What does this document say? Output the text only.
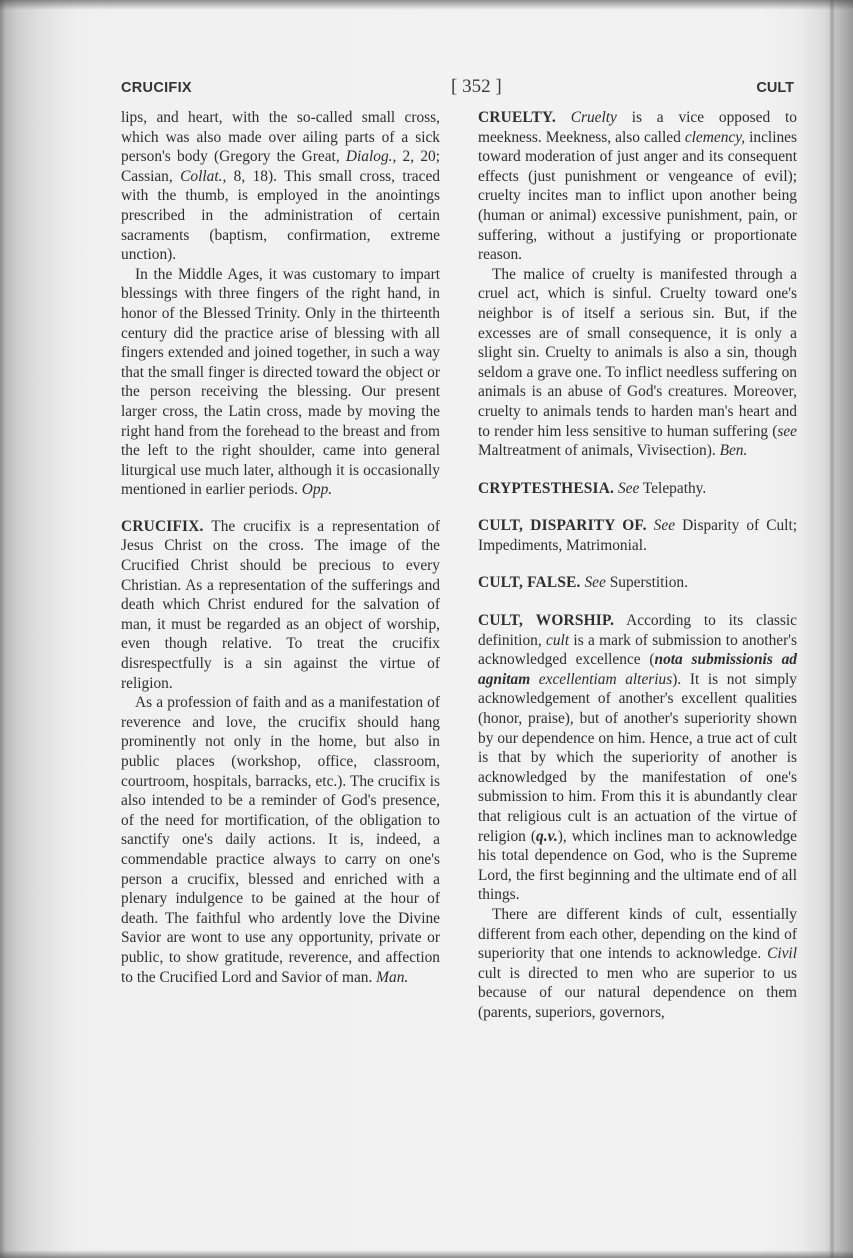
CRUCIFIX	[ 352 ]	CULT

lips, and heart, with the so-called small cross, which was also made over ailing parts of a sick person's body (Gregory the Great, Dialog., 2, 20; Cassian, Collat., 8, 18). This small cross, traced with the thumb, is employed in the anointings prescribed in the administration of certain sacraments (baptism, confirmation, extreme unction).

In the Middle Ages, it was customary to impart blessings with three fingers of the right hand, in honor of the Blessed Trinity. Only in the thirteenth century did the practice arise of blessing with all fingers extended and joined together, in such a way that the small finger is directed toward the object or the person receiving the blessing. Our present larger cross, the Latin cross, made by moving the right hand from the forehead to the breast and from the left to the right shoulder, came into general liturgical use much later, although it is occasionally mentioned in earlier periods. Opp.

CRUCIFIX. The crucifix is a representation of Jesus Christ on the cross. The image of the Crucified Christ should be precious to every Christian. As a representation of the sufferings and death which Christ endured for the salvation of man, it must be regarded as an object of worship, even though relative. To treat the crucifix disrespectfully is a sin against the virtue of religion.

As a profession of faith and as a manifestation of reverence and love, the crucifix should hang prominently not only in the home, but also in public places (workshop, office, classroom, courtroom, hospitals, barracks, etc.). The crucifix is also intended to be a reminder of God's presence, of the need for mortification, of the obligation to sanctify one's daily actions. It is, indeed, a commendable practice always to carry on one's person a crucifix, blessed and enriched with a plenary indulgence to be gained at the hour of death. The faithful who ardently love the Divine Savior are wont to use any opportunity, private or public, to show gratitude, reverence, and affection to the Crucified Lord and Savior of man. Man.

CRUELTY. Cruelty is a vice opposed to meekness. Meekness, also called clemency, inclines toward moderation of just anger and its consequent effects (just punishment or vengeance of evil); cruelty incites man to inflict upon another being (human or animal) excessive punishment, pain, or suffering, without a justifying or proportionate reason.

The malice of cruelty is manifested through a cruel act, which is sinful. Cruelty toward one's neighbor is of itself a serious sin. But, if the excesses are of small consequence, it is only a slight sin. Cruelty to animals is also a sin, though seldom a grave one. To inflict needless suffering on animals is an abuse of God's creatures. Moreover, cruelty to animals tends to harden man's heart and to render him less sensitive to human suffering (see Maltreatment of animals, Vivisection). Ben.

CRYPTESTHESIA. See Telepathy.

CULT, DISPARITY OF. See Disparity of Cult; Impediments, Matrimonial.

CULT, FALSE. See Superstition.

CULT, WORSHIP. According to its classic definition, cult is a mark of submission to another's acknowledged excellence (nota submissionis ad agnitam excellentiam alterius). It is not simply acknowledgement of another's excellent qualities (honor, praise), but of another's superiority shown by our dependence on him. Hence, a true act of cult is that by which the superiority of another is acknowledged by the manifestation of one's submission to him. From this it is abundantly clear that religious cult is an actuation of the virtue of religion (q.v.), which inclines man to acknowledge his total dependence on God, who is the Supreme Lord, the first beginning and the ultimate end of all things.

There are different kinds of cult, essentially different from each other, depending on the kind of superiority that one intends to acknowledge. Civil cult is directed to men who are superior to us because of our natural dependence on them (parents, superiors, governors,
